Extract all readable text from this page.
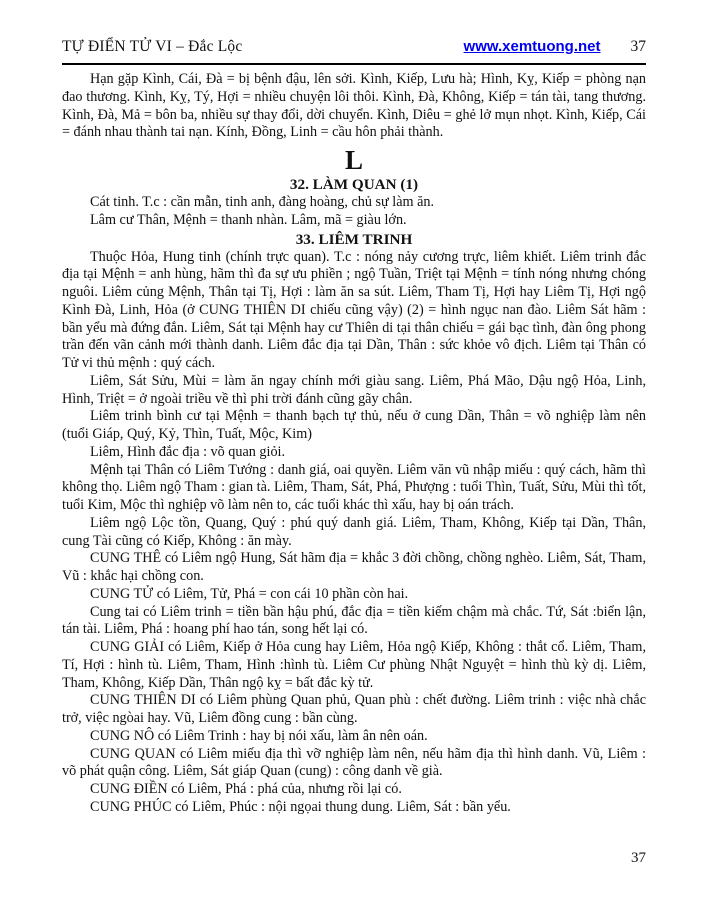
TỰ ĐIỂN TỬ VI – Đắc Lộc	www.xemtuong.net 37

Hạn gặp Kình, Cái, Đà = bị bệnh đậu, lên sởi. Kình, Kiếp, Lưu hà; Hình, Kỵ, Kiếp = phòng nạn đao thương. Kình, Kỵ, Tý, Hợi = nhiều chuyện lôi thôi. Kình, Đà, Không, Kiếp = tán tài, tang thương. Kình, Đà, Mả = bôn ba, nhiều sự thay đổi, dời chuyển. Kình, Diêu = ghẻ lở mụn nhọt. Kình, Kiếp, Cái = đánh nhau thành tai nạn. Kính, Đồng, Linh = cầu hôn phải thành.

L
32. LÀM QUAN (1)

Cát tinh. T.c : cần mẫn, tinh anh, đàng hoàng, chủ sự làm ăn.

Lâm cư Thân, Mệnh = thanh nhàn. Lâm, mã = giàu lớn.

33. LIÊM TRINH

Thuộc Hỏa, Hung tinh (chính trực quan). T.c : nóng nảy cương trực, liêm khiết. Liêm trinh đắc địa tại Mệnh = anh hùng, hãm thì đa sự ưu phiền ; ngộ Tuần, Triệt tại Mệnh = tính nóng nhưng chóng nguôi. Liêm củng Mệnh, Thân tại Tị, Hợi : làm ăn sa sút. Liêm, Tham Tị, Hợi hay Liêm Tị, Hợi ngộ Kình Đà, Linh, Hỏa (ở CUNG THIÊN DI chiếu cũng vậy) (2) = hình ngục nan đào. Liêm Sát hãm : bần yểu mà đứng đắn. Liêm, Sát tại Mệnh hay cư Thiên di tại thân chiếu = gái bạc tình, đàn ông phong trần đến vãn cảnh mới thành danh. Liêm đắc địa tại Dần, Thân : sức khỏe vô địch. Liêm tại Thân có Tử vi thủ mệnh : quý cách.

Liêm, Sát Sửu, Mùi = làm ăn ngay chính mới giàu sang. Liêm, Phá Mão, Dậu ngộ Hỏa, Linh, Hình, Triệt = ở ngoài triều về thì phi trời đánh cũng gãy chân.

Liêm trinh bình cư tại Mệnh = thanh bạch tự thủ, nếu ở cung Dần, Thân = võ nghiệp làm nên (tuổi Giáp, Quý, Kỷ, Thìn, Tuất, Mộc, Kim)

Liêm, Hình đắc địa : võ quan giỏi.

Mệnh tại Thân có Liêm Tướng : danh giá, oai quyền. Liêm văn vũ nhập miếu : quý cách, hãm thì không thọ. Liêm ngộ Tham : gian tà. Liêm, Tham, Sát, Phá, Phượng : tuổi Thìn, Tuất, Sửu, Mùi thì tốt, tuổi Kim, Mộc thì nghiệp võ làm nên to, các tuổi khác thì xấu, hay bị oán trách.

Liêm ngộ Lộc tồn, Quang, Quý : phú quý danh giá. Liêm, Tham, Không, Kiếp tại Dần, Thân, cung Tài cũng có Kiếp, Không : ăn mày.

CUNG THÊ có Liêm ngộ Hung, Sát hãm địa = khắc 3 đời chồng, chồng nghèo. Liêm, Sát, Tham, Vũ : khắc hại chồng con.

CUNG TỬ có Liêm, Tử, Phá = con cái 10 phần còn hai.

Cung tai có Liêm trinh = tiền bần hậu phú, đắc địa = tiền kiếm chậm mà chắc. Tứ, Sát :biển lận, tán tài. Liêm, Phá : hoang phí hao tán, song hết lại có.

CUNG GIẢI có Liêm, Kiếp ở Hỏa cung hay Liêm, Hỏa ngộ Kiếp, Không : thắt cổ. Liêm, Tham, Tí, Hợi : hình tù. Liêm, Tham, Hình :hình tù. Liêm Cư phùng Nhật Nguyệt = hình thù kỳ dị. Liêm, Tham, Không, Kiếp Dần, Thân ngộ kỵ = bất đắc kỳ tử.

CUNG THIÊN DI có Liêm phùng Quan phủ, Quan phù : chết đường. Liêm trinh : việc nhà chắc trở, việc ngòai hay. Vũ, Liêm đồng cung : bần cùng.

CUNG NÔ có Liêm Trinh : hay bị nói xấu, làm ân nên oán.

CUNG QUAN có Liêm miếu địa thì vỡ nghiệp làm nên, nếu hãm địa thì hình danh. Vũ, Liêm : võ phát quận công. Liêm, Sát giáp Quan (cung) : công danh về già.

CUNG ĐIỀN có Liêm, Phá : phá của, nhưng rồi lại có.

CUNG PHÚC có Liêm, Phúc : nội ngọai thung dung. Liêm, Sát : bần yểu.

37
